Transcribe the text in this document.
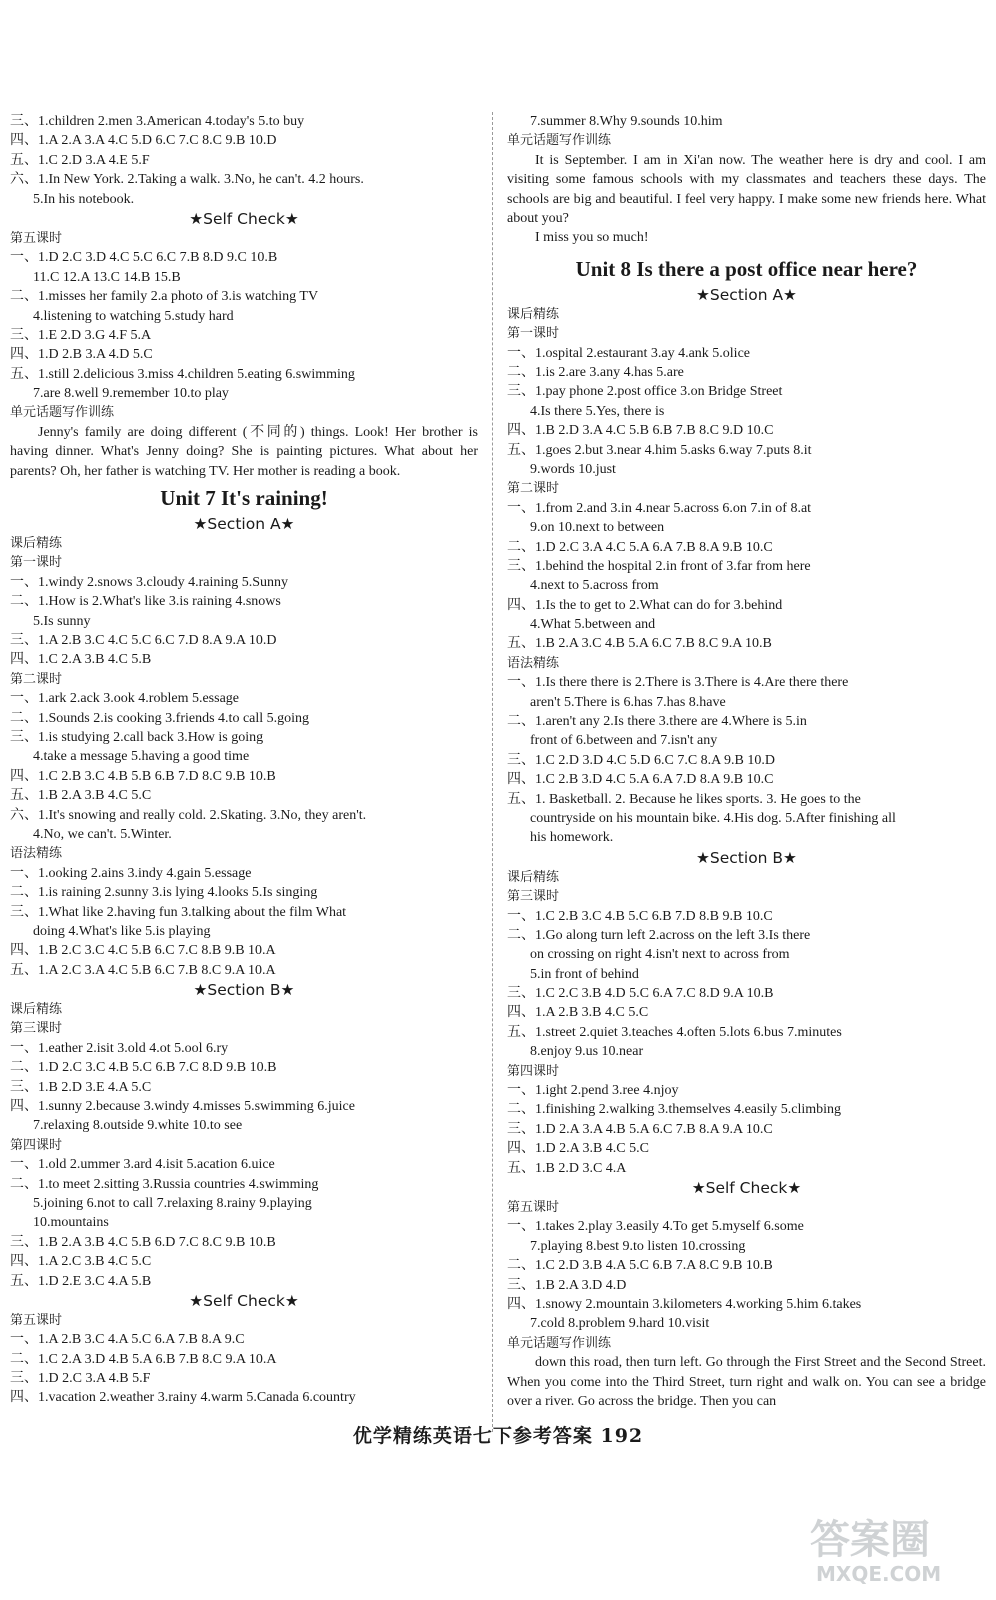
三、1.children 2.men 3.American 4.today's 5.to buy
四、1.A 2.A 3.A 4.C 5.D 6.C 7.C 8.C 9.B 10.D
五、1.C 2.D 3.A 4.E 5.F
六、1.In New York. 2.Taking a walk. 3.No, he can't. 4.2 hours.
5.In his notebook.
★Self Check★
第五课时
一、1.D 2.C 3.D 4.C 5.C 6.C 7.B 8.D 9.C 10.B
11.C 12.A 13.C 14.B 15.B
二、1.misses her family 2.a photo of 3.is watching TV
4.listening to watching 5.study hard
三、1.E 2.D 3.G 4.F 5.A
四、1.D 2.B 3.A 4.D 5.C
五、1.still 2.delicious 3.miss 4.children 5.eating 6.swimming
7.are 8.well 9.remember 10.to play
单元话题写作训练
Jenny's family are doing different (不同的) things. Look! Her brother is having dinner. What's Jenny doing? She is painting pictures. What about her parents? Oh, her father is watching TV. Her mother is reading a book.
Unit 7 It's raining!
★Section A★
课后精练
第一课时
一、1.windy 2.snows 3.cloudy 4.raining 5.Sunny
二、1.How is 2.What's like 3.is raining 4.snows
5.Is sunny
三、1.A 2.B 3.C 4.C 5.C 6.C 7.D 8.A 9.A 10.D
四、1.C 2.A 3.B 4.C 5.B
第二课时
一、1.ark 2.ack 3.ook 4.roblem 5.essage
二、1.Sounds 2.is cooking 3.friends 4.to call 5.going
三、1.is studying 2.call back 3.How is going
4.take a message 5.having a good time
四、1.C 2.B 3.C 4.B 5.B 6.B 7.D 8.C 9.B 10.B
五、1.B 2.A 3.B 4.C 5.C
六、1.It's snowing and really cold. 2.Skating. 3.No, they aren't.
4.No, we can't. 5.Winter.
语法精练
一、1.ooking 2.ains 3.indy 4.gain 5.essage
二、1.is raining 2.sunny 3.is lying 4.looks 5.Is singing
三、1.What like 2.having fun 3.talking about the film What
doing 4.What's like 5.is playing
四、1.B 2.C 3.C 4.C 5.B 6.C 7.C 8.B 9.B 10.A
五、1.A 2.C 3.A 4.C 5.B 6.C 7.B 8.C 9.A 10.A
★Section B★
课后精练
第三课时
一、1.eather 2.isit 3.old 4.ot 5.ool 6.ry
二、1.D 2.C 3.C 4.B 5.C 6.B 7.C 8.D 9.B 10.B
三、1.B 2.D 3.E 4.A 5.C
四、1.sunny 2.because 3.windy 4.misses 5.swimming 6.juice
7.relaxing 8.outside 9.white 10.to see
第四课时
一、1.old 2.ummer 3.ard 4.isit 5.acation 6.uice
二、1.to meet 2.sitting 3.Russia countries 4.swimming
5.joining 6.not to call 7.relaxing 8.rainy 9.playing
10.mountains
三、1.B 2.A 3.B 4.C 5.B 6.D 7.C 8.C 9.B 10.B
四、1.A 2.C 3.B 4.C 5.C
五、1.D 2.E 3.C 4.A 5.B
★Self Check★
第五课时
一、1.A 2.B 3.C 4.A 5.C 6.A 7.B 8.A 9.C
二、1.C 2.A 3.D 4.B 5.A 6.B 7.B 8.C 9.A 10.A
三、1.D 2.C 3.A 4.B 5.F
四、1.vacation 2.weather 3.rainy 4.warm 5.Canada 6.country
7.summer 8.Why 9.sounds 10.him
单元话题写作训练
It is September. I am in Xi'an now. The weather here is dry and cool. I am visiting some famous schools with my classmates and teachers these days. The schools are big and beautiful. I feel very happy. I make some new friends here. What about you?
I miss you so much!
Unit 8 Is there a post office near here?
★Section A★
课后精练
第一课时
一、1.ospital 2.estaurant 3.ay 4.ank 5.olice
二、1.is 2.are 3.any 4.has 5.are
三、1.pay phone 2.post office 3.on Bridge Street
4.Is there 5.Yes, there is
四、1.B 2.D 3.A 4.C 5.B 6.B 7.B 8.C 9.D 10.C
五、1.goes 2.but 3.near 4.him 5.asks 6.way 7.puts 8.it
9.words 10.just
第二课时
一、1.from 2.and 3.in 4.near 5.across 6.on 7.in of 8.at
9.on 10.next to between
二、1.D 2.C 3.A 4.C 5.A 6.A 7.B 8.A 9.B 10.C
三、1.behind the hospital 2.in front of 3.far from here
4.next to 5.across from
四、1.Is the to get to 2.What can do for 3.behind
4.What 5.between and
五、1.B 2.A 3.C 4.B 5.A 6.C 7.B 8.C 9.A 10.B
语法精练
一、1.Is there there is 2.There is 3.There is 4.Are there there
aren't 5.There is 6.has 7.has 8.have
二、1.aren't any 2.Is there 3.there are 4.Where is 5.in
front of 6.between and 7.isn't any
三、1.C 2.D 3.D 4.C 5.D 6.C 7.C 8.A 9.B 10.D
四、1.C 2.B 3.D 4.C 5.A 6.A 7.D 8.A 9.B 10.C
五、1. Basketball. 2. Because he likes sports. 3. He goes to the
countryside on his mountain bike. 4.His dog. 5.After finishing all
his homework.
★Section B★
课后精练
第三课时
一、1.C 2.B 3.C 4.B 5.C 6.B 7.D 8.B 9.B 10.C
二、1.Go along turn left 2.across on the left 3.Is there
on crossing on right 4.isn't next to across from
5.in front of behind
三、1.C 2.C 3.B 4.D 5.C 6.A 7.C 8.D 9.A 10.B
四、1.A 2.B 3.B 4.C 5.C
五、1.street 2.quiet 3.teaches 4.often 5.lots 6.bus 7.minutes
8.enjoy 9.us 10.near
第四课时
一、1.ight 2.pend 3.ree 4.njoy
二、1.finishing 2.walking 3.themselves 4.easily 5.climbing
三、1.D 2.A 3.A 4.B 5.A 6.C 7.B 8.A 9.A 10.C
四、1.D 2.A 3.B 4.C 5.C
五、1.B 2.D 3.C 4.A
★Self Check★
第五课时
一、1.takes 2.play 3.easily 4.To get 5.myself 6.some
7.playing 8.best 9.to listen 10.crossing
二、1.C 2.D 3.B 4.A 5.C 6.B 7.A 8.C 9.B 10.B
三、1.B 2.A 3.D 4.D
四、1.snowy 2.mountain 3.kilometers 4.working 5.him 6.takes
7.cold 8.problem 9.hard 10.visit
单元话题写作训练
down this road, then turn left. Go through the First Street and the Second Street. When you come into the Third Street, turn right and walk on. You can see a bridge over a river. Go across the bridge. Then you can
优学精练英语七下参考答案 192
答案圈
MXQE.COM
